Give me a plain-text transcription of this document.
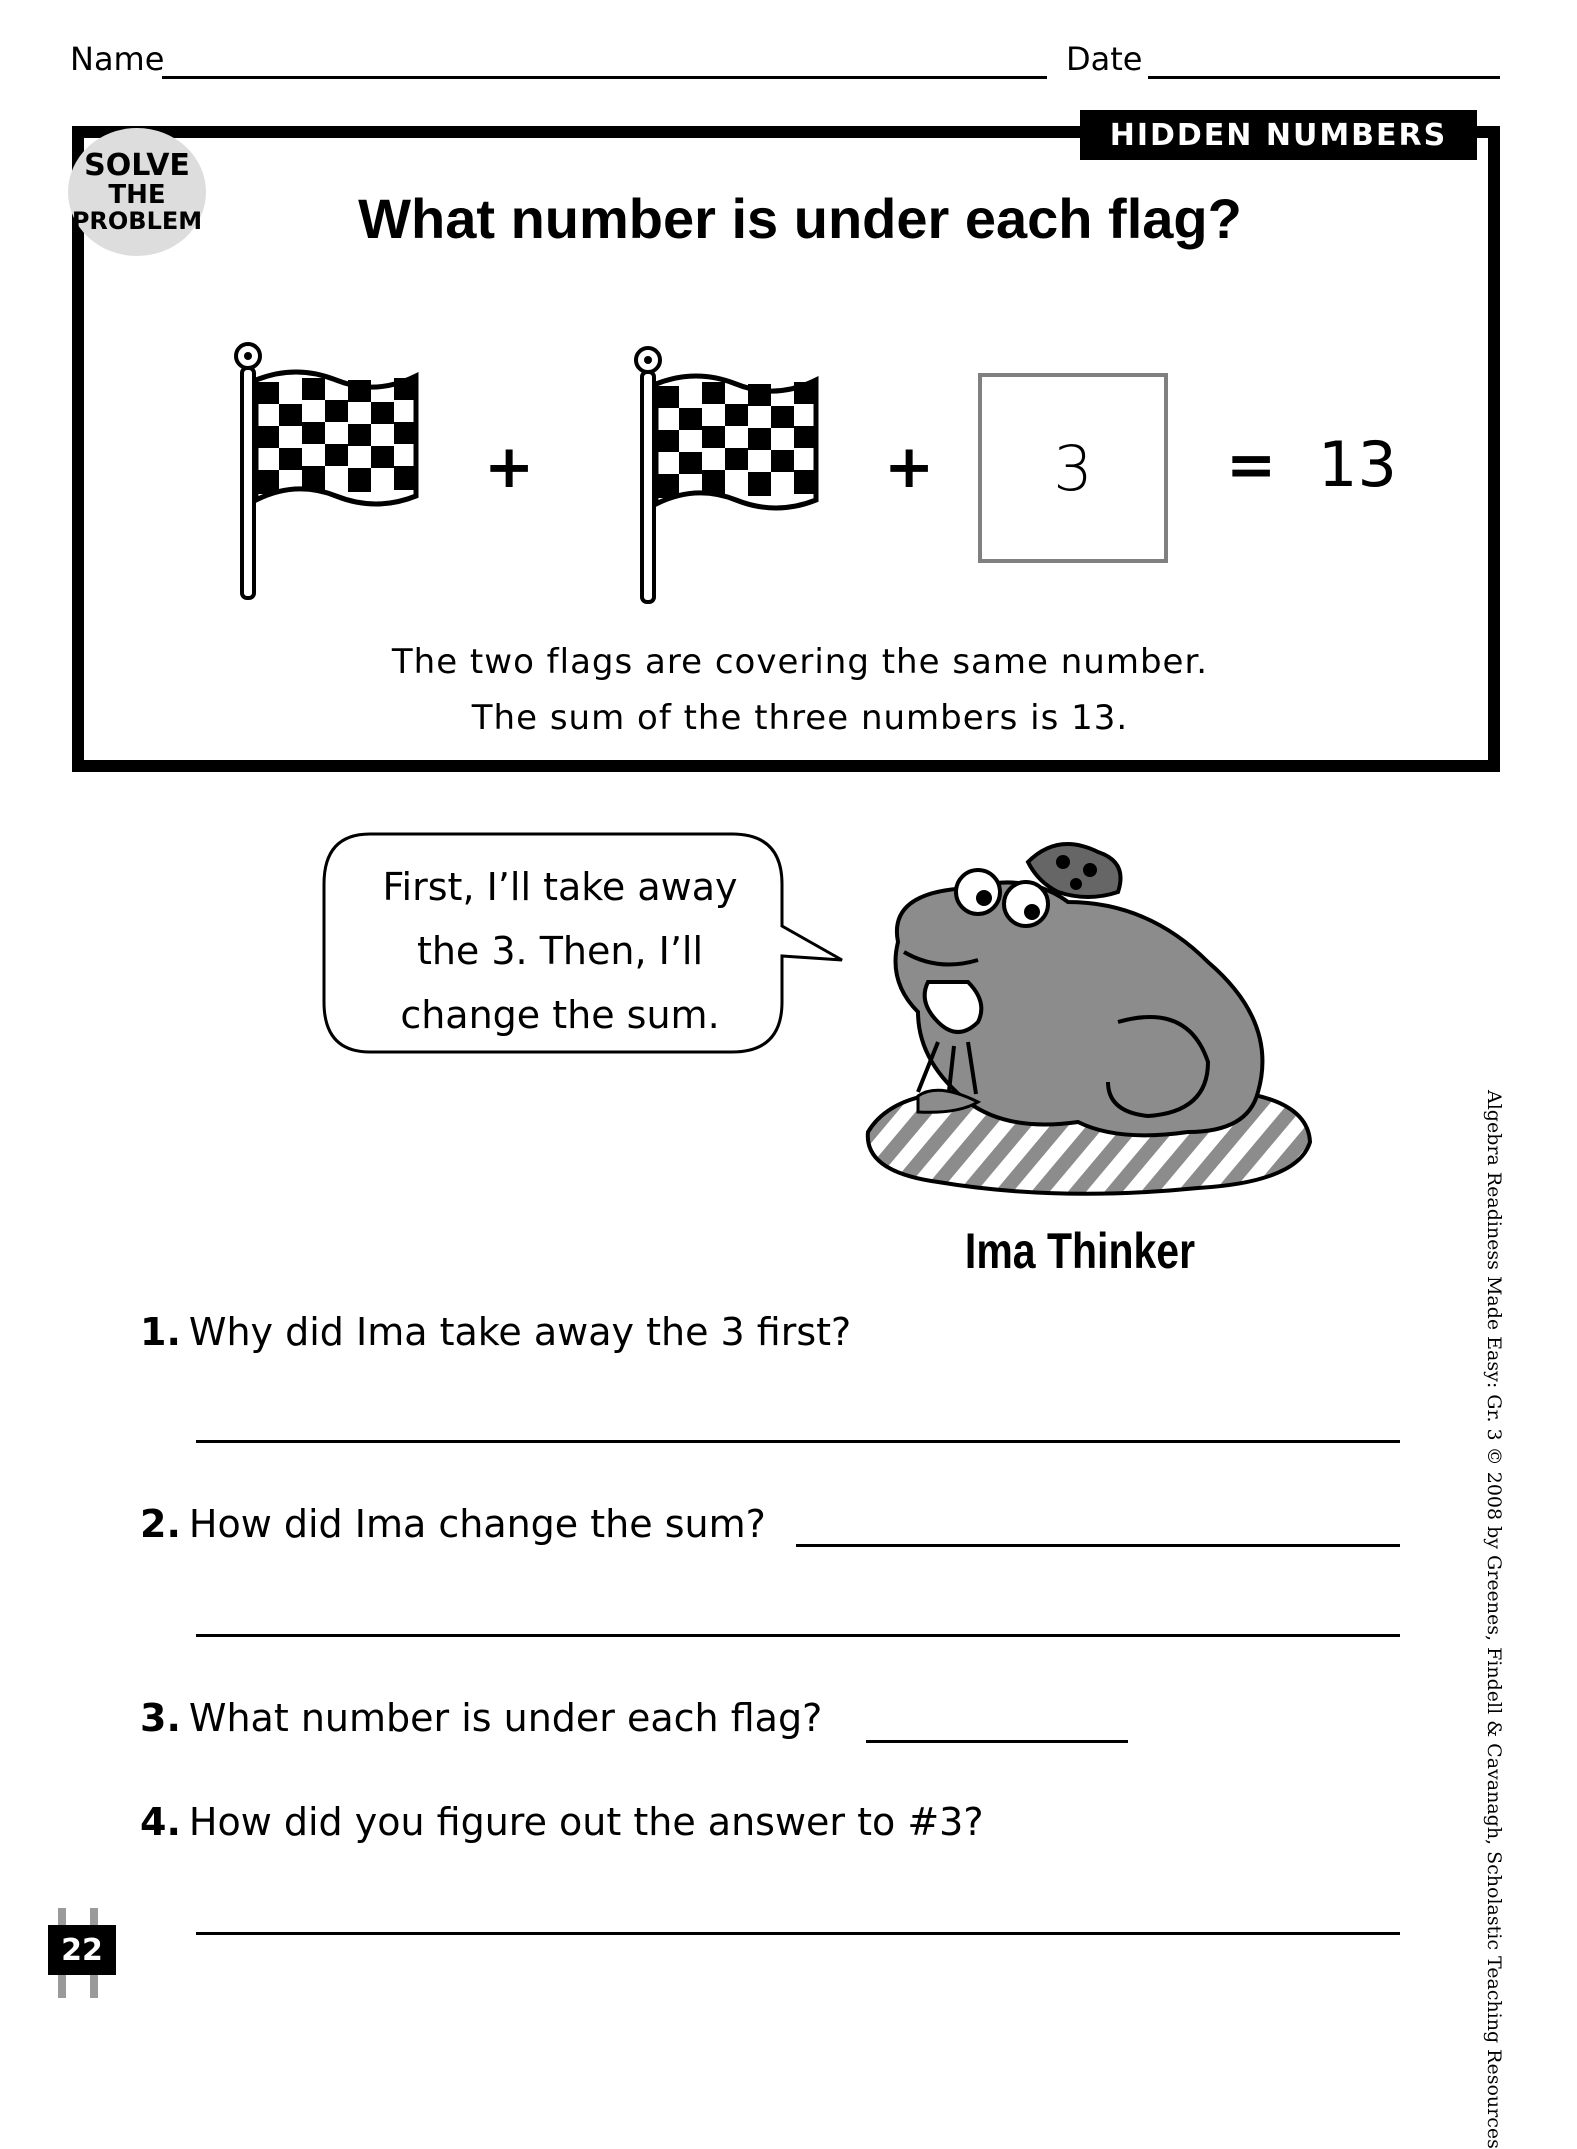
Name	Date
HIDDEN NUMBERS
SOLVE
THE
PROBLEM	What number is under each flag?
+	+ 3 = 13
The two flags are covering the same number.
The sum of the three numbers is 13.
First, I’ll take away
the 3. Then, I’ll
change the sum.
Ima Thinker
1. Why did Ima take away the 3 first?
2. How did Ima change the sum?
3. What number is under each flag?
4. How did you figure out the answer to #3?	Algebra Readiness Made Easy: Gr. 3 © 2008 by Greenes, Findell & Cavanagh, Scholastic Teaching Resources
22
